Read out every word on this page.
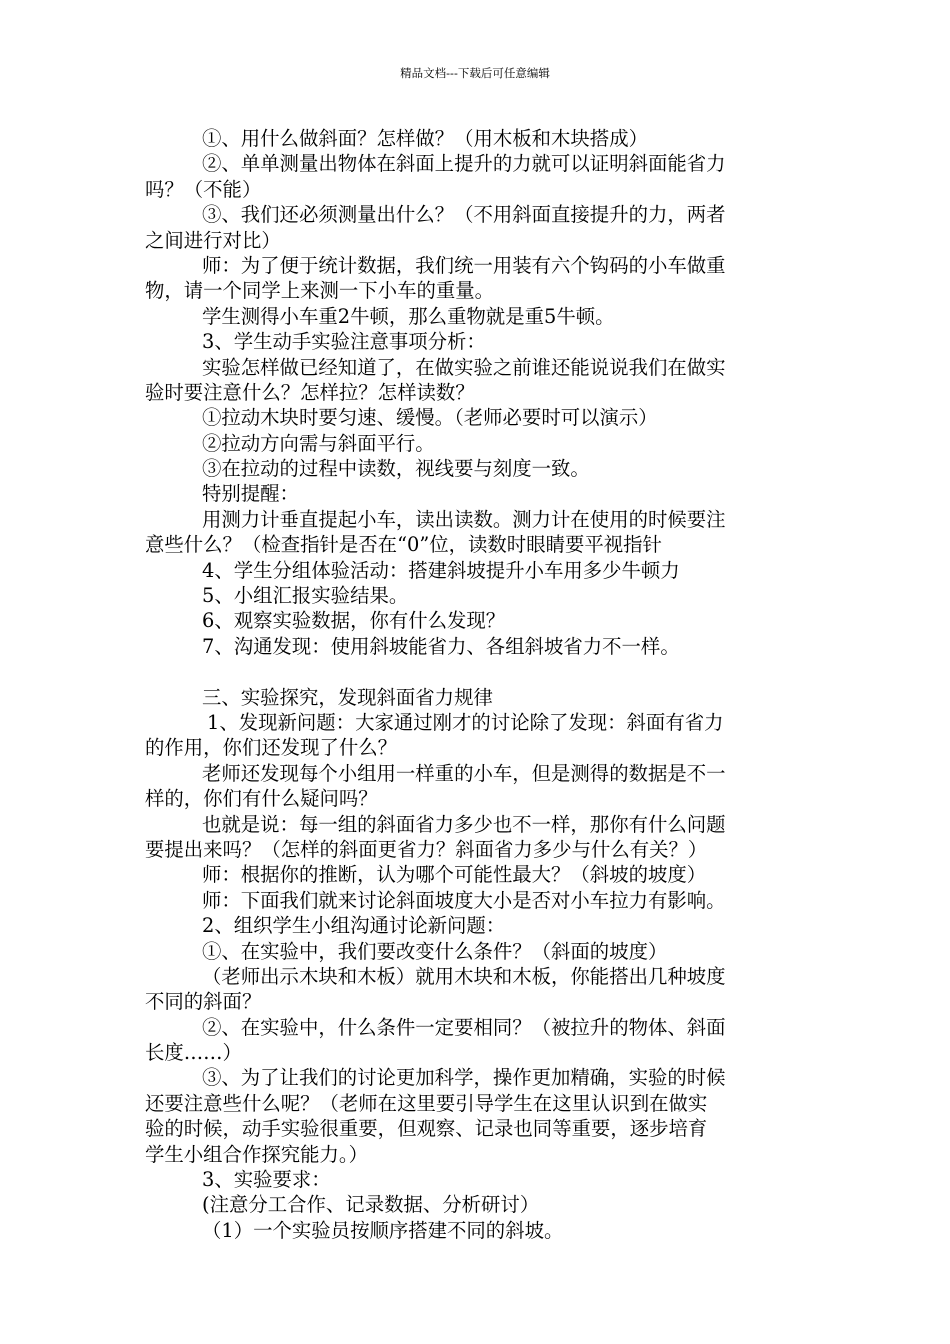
精品文档---下载后可任意编辑
①、用什么做斜面？怎样做？（用木板和木块搭成）
②、单单测量出物体在斜面上提升的力就可以证明斜面能省力
吗？（不能）
③、我们还必须测量出什么？（不用斜面直接提升的力，两者
之间进行对比）
师：为了便于统计数据，我们统一用装有六个钩码的小车做重
物，请一个同学上来测一下小车的重量。
学生测得小车重2牛顿，那么重物就是重5牛顿。
3、学生动手实验注意事项分析：
实验怎样做已经知道了，在做实验之前谁还能说说我们在做实
验时要注意什么？怎样拉？怎样读数？
①拉动木块时要匀速、缓慢。（老师必要时可以演示）
②拉动方向需与斜面平行。
③在拉动的过程中读数，视线要与刻度一致。
特别提醒：
用测力计垂直提起小车，读出读数。测力计在使用的时候要注
意些什么？（检查指针是否在“0”位，读数时眼睛要平视指针
4、学生分组体验活动：搭建斜坡提升小车用多少牛顿力
5、小组汇报实验结果。
6、观察实验数据，你有什么发现？
7、沟通发现：使用斜坡能省力、各组斜坡省力不一样。
三、实验探究，发现斜面省力规律
1、发现新问题：大家通过刚才的讨论除了发现：斜面有省力
的作用，你们还发现了什么？
老师还发现每个小组用一样重的小车，但是测得的数据是不一
样的，你们有什么疑问吗？
也就是说：每一组的斜面省力多少也不一样，那你有什么问题
要提出来吗？（怎样的斜面更省力？斜面省力多少与什么有关？）
师：根据你的推断，认为哪个可能性最大？（斜坡的坡度）
师：下面我们就来讨论斜面坡度大小是否对小车拉力有影响。
2、组织学生小组沟通讨论新问题：
①、在实验中，我们要改变什么条件？（斜面的坡度）
（老师出示木块和木板）就用木块和木板，你能搭出几种坡度
不同的斜面？
②、在实验中，什么条件一定要相同？（被拉升的物体、斜面
长度……）
③、为了让我们的讨论更加科学，操作更加精确，实验的时候
还要注意些什么呢？（老师在这里要引导学生在这里认识到在做实
验的时候，动手实验很重要，但观察、记录也同等重要，逐步培育
学生小组合作探究能力。）
3、实验要求：
(注意分工合作、记录数据、分析研讨）
（1）一个实验员按顺序搭建不同的斜坡。
